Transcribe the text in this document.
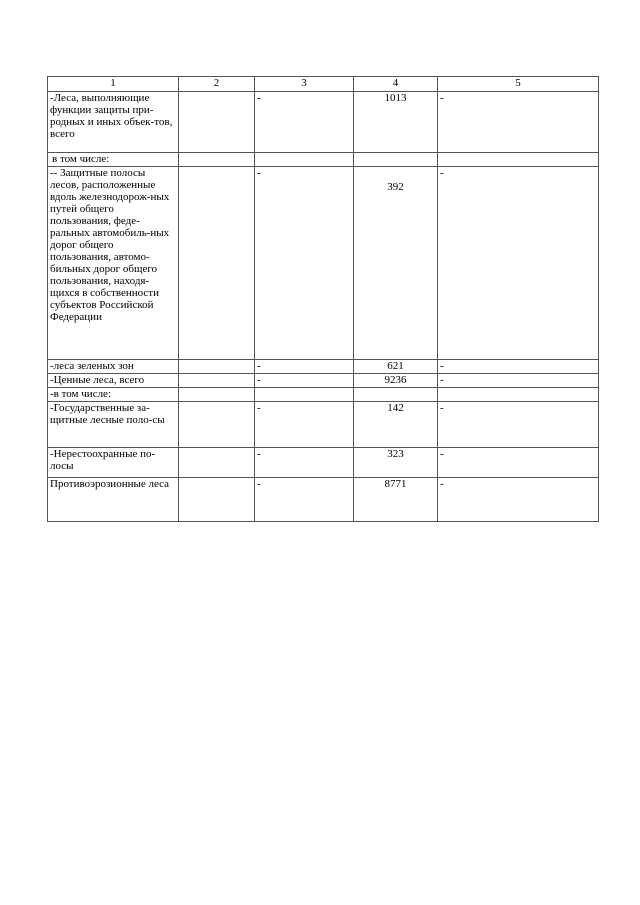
1	2	3	4	5
-Леса, выполняющие функции защиты при-родных и иных объек-тов, всего		-	1013	-
в том числе:				
-- Защитные полосы лесов, расположенные вдоль железнодорож-ных путей общего пользования, феде-ральных автомобиль-ных дорог общего пользования, автомо-бильных дорог общего пользования, находя-щихся в собственности субъектов Российской Федерации		-	392	-
-леса зеленых зон		-	621	-
-Ценные леса, всего		-	9236	-
-в том числе:				
-Государственные за-щитные лесные поло-сы		-	142	-
-Нерестоохранные по-лосы		-	323	-
Противоэрозионные леса		-	8771	-
